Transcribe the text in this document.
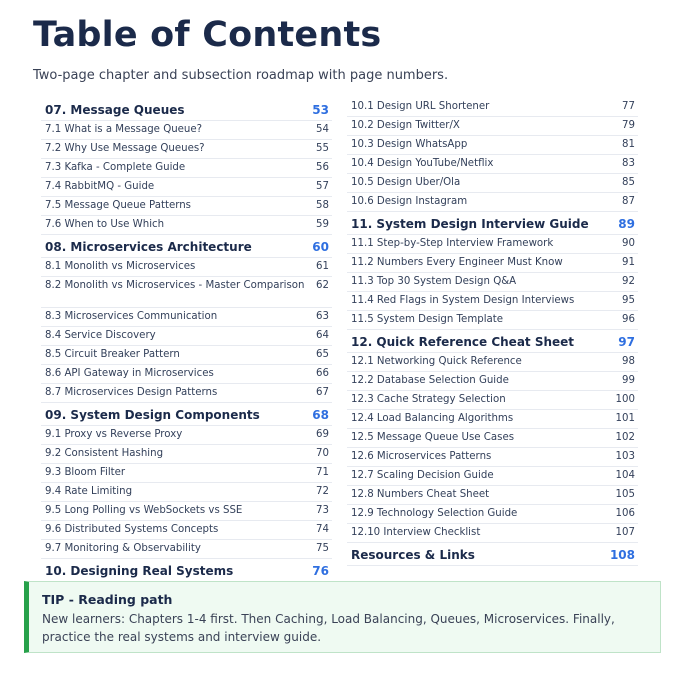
Table of Contents
Two-page chapter and subsection roadmap with page numbers.
07. Message Queues	53
7.1 What is a Message Queue?	54
7.2 Why Use Message Queues?	55
7.3 Kafka - Complete Guide	56
7.4 RabbitMQ - Guide	57
7.5 Message Queue Patterns	58
7.6 When to Use Which	59
08. Microservices Architecture	60
8.1 Monolith vs Microservices	61
8.2 Monolith vs Microservices - Master Comparison	62
8.3 Microservices Communication	63
8.4 Service Discovery	64
8.5 Circuit Breaker Pattern	65
8.6 API Gateway in Microservices	66
8.7 Microservices Design Patterns	67
09. System Design Components	68
9.1 Proxy vs Reverse Proxy	69
9.2 Consistent Hashing	70
9.3 Bloom Filter	71
9.4 Rate Limiting	72
9.5 Long Polling vs WebSockets vs SSE	73
9.6 Distributed Systems Concepts	74
9.7 Monitoring & Observability	75
10. Designing Real Systems	76
10.1 Design URL Shortener	77
10.2 Design Twitter/X	79
10.3 Design WhatsApp	81
10.4 Design YouTube/Netflix	83
10.5 Design Uber/Ola	85
10.6 Design Instagram	87
11. System Design Interview Guide	89
11.1 Step-by-Step Interview Framework	90
11.2 Numbers Every Engineer Must Know	91
11.3 Top 30 System Design Q&A	92
11.4 Red Flags in System Design Interviews	95
11.5 System Design Template	96
12. Quick Reference Cheat Sheet	97
12.1 Networking Quick Reference	98
12.2 Database Selection Guide	99
12.3 Cache Strategy Selection	100
12.4 Load Balancing Algorithms	101
12.5 Message Queue Use Cases	102
12.6 Microservices Patterns	103
12.7 Scaling Decision Guide	104
12.8 Numbers Cheat Sheet	105
12.9 Technology Selection Guide	106
12.10 Interview Checklist	107
Resources & Links	108
TIP - Reading path
New learners: Chapters 1-4 first. Then Caching, Load Balancing, Queues, Microservices. Finally, practice the real systems and interview guide.
